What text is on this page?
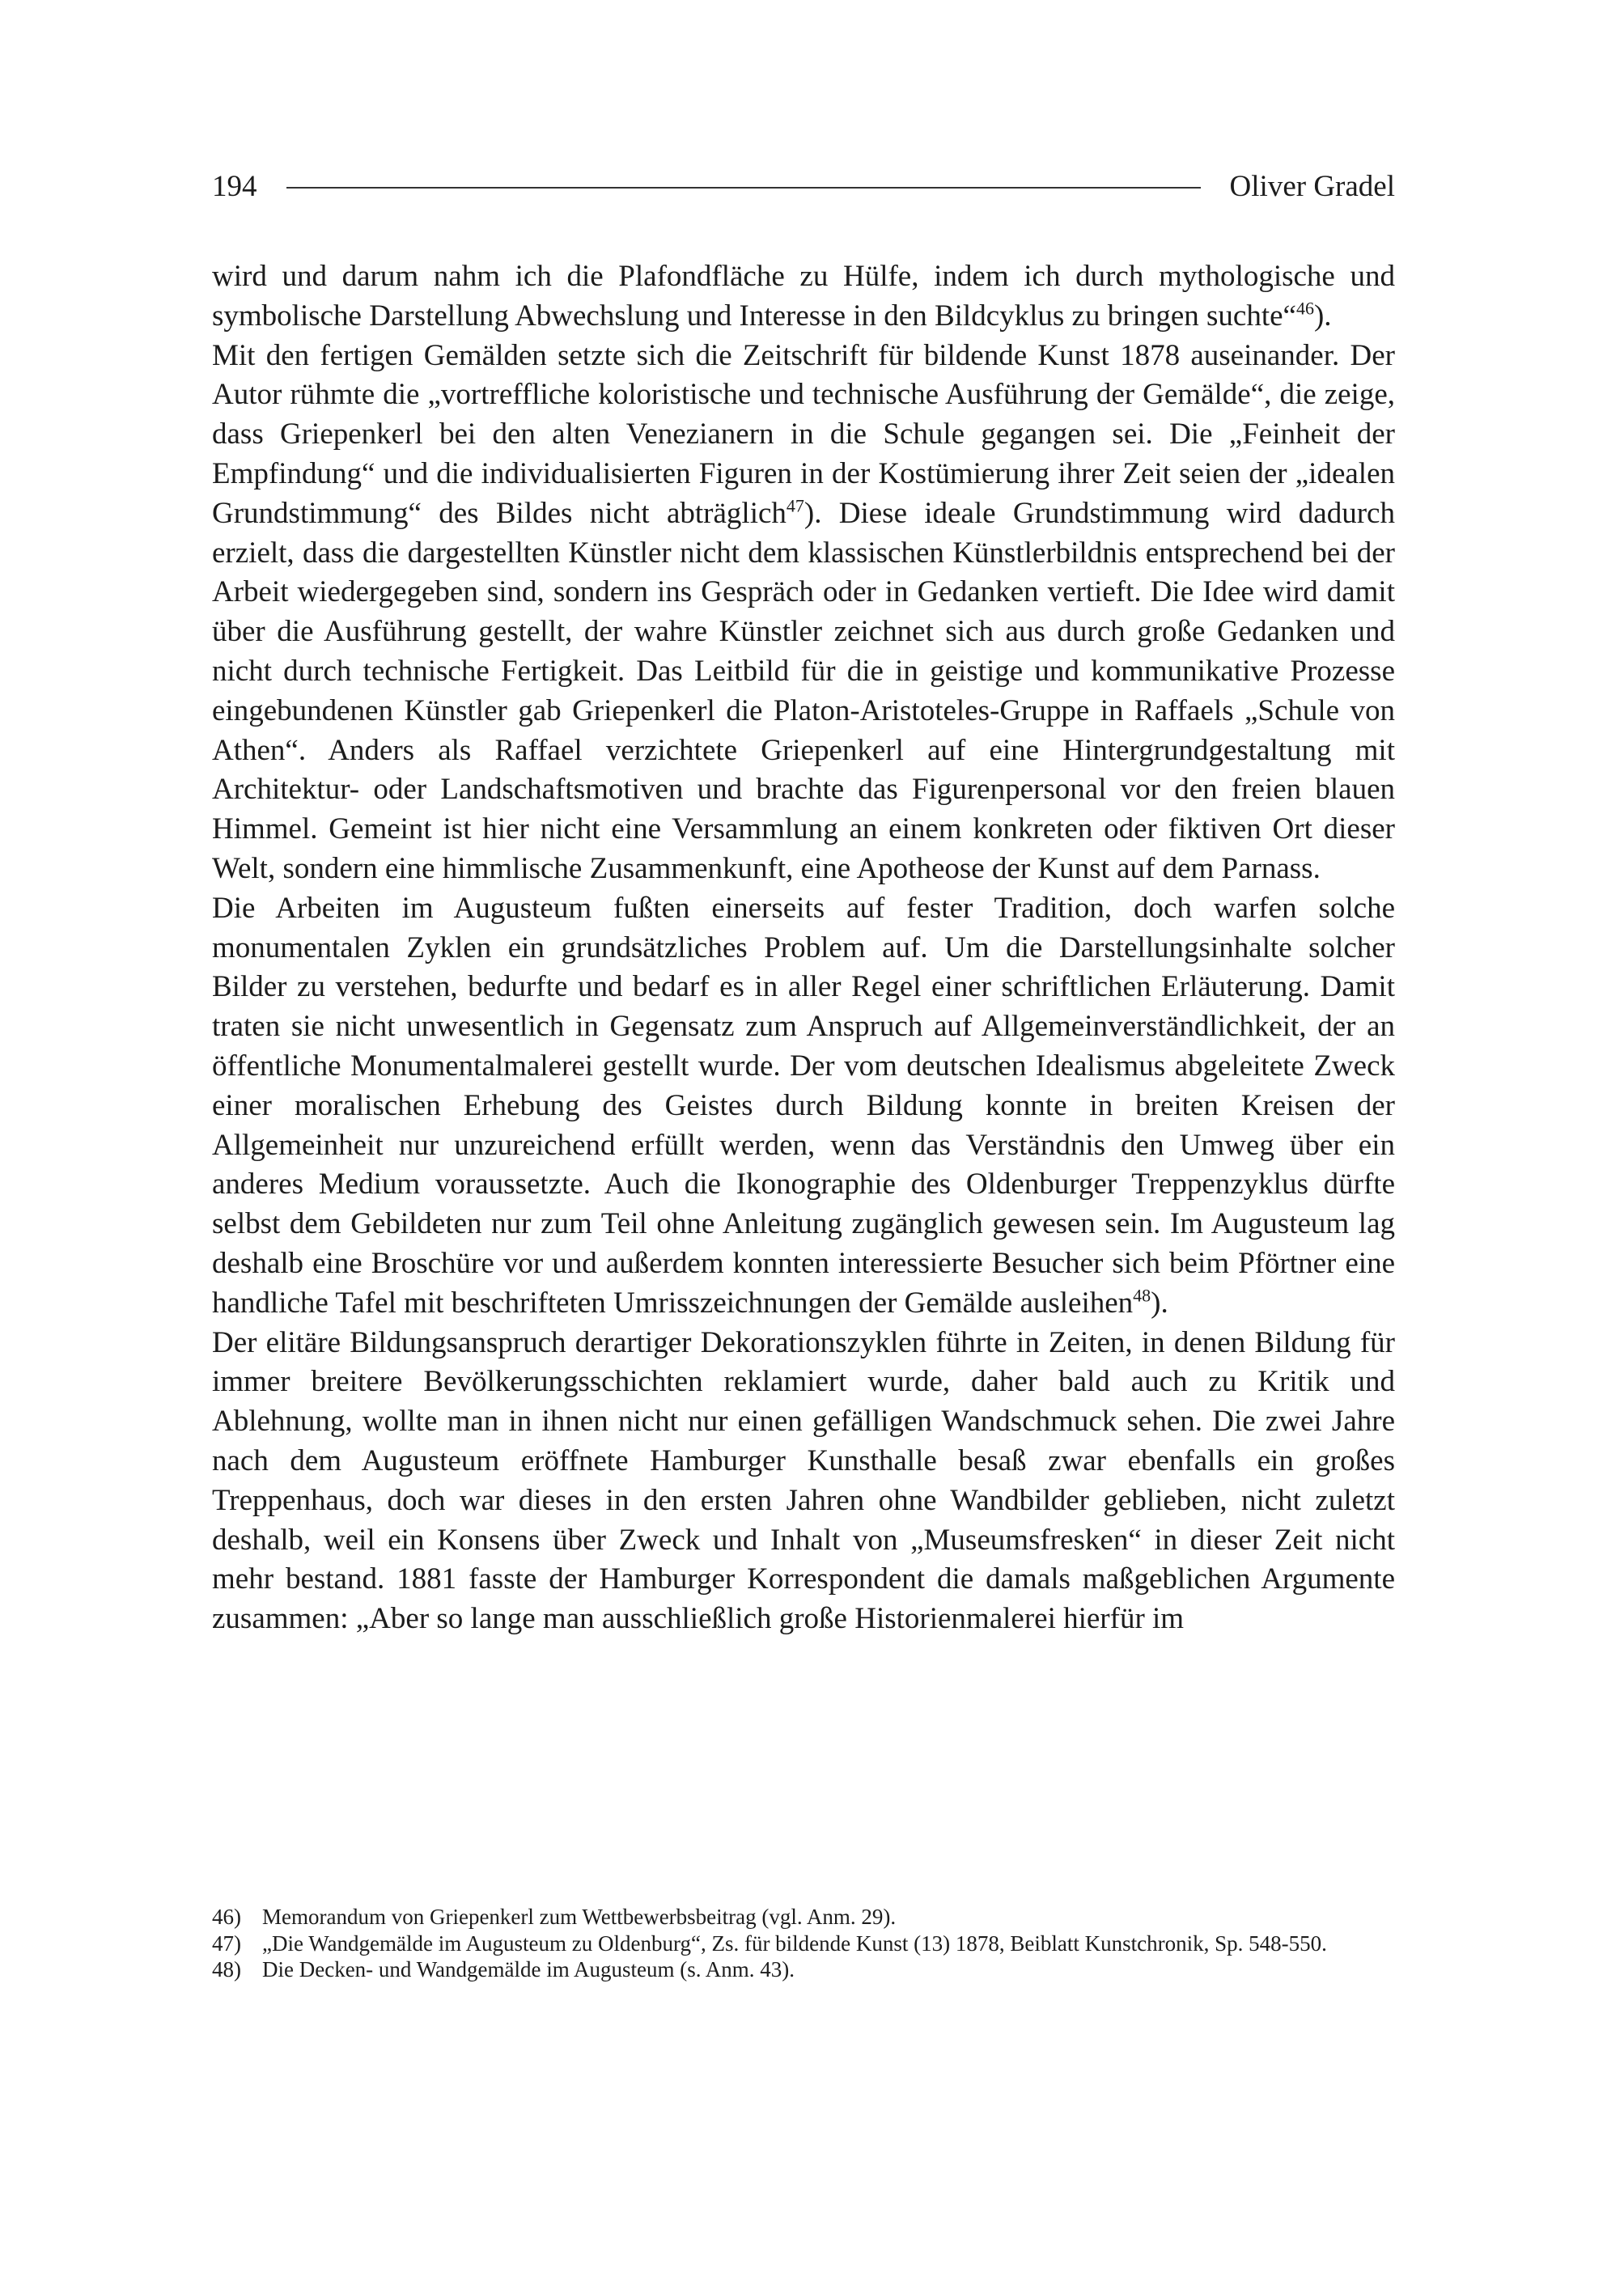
194	Oliver Gradel

wird und darum nahm ich die Plafondfläche zu Hülfe, indem ich durch mythologische und symbolische Darstellung Abwechslung und Interesse in den Bildcyklus zu bringen suchte“$^{46}$).

Mit den fertigen Gemälden setzte sich die Zeitschrift für bildende Kunst 1878 auseinander. Der Autor rühmte die „vortreffliche koloristische und technische Ausführung der Gemälde“, die zeige, dass Griepenkerl bei den alten Venezianern in die Schule gegangen sei. Die „Feinheit der Empfindung“ und die individualisierten Figuren in der Kostümierung ihrer Zeit seien der „idealen Grundstimmung“ des Bildes nicht abträglich$^{47}$). Diese ideale Grundstimmung wird dadurch erzielt, dass die dargestellten Künstler nicht dem klassischen Künstlerbildnis entsprechend bei der Arbeit wiedergegeben sind, sondern ins Gespräch oder in Gedanken vertieft. Die Idee wird damit über die Ausführung gestellt, der wahre Künstler zeichnet sich aus durch große Gedanken und nicht durch technische Fertigkeit. Das Leitbild für die in geistige und kommunikative Prozesse eingebundenen Künstler gab Griepenkerl die Platon-Aristoteles-Gruppe in Raffaels „Schule von Athen“. Anders als Raffael verzichtete Griepenkerl auf eine Hintergrundgestaltung mit Architektur- oder Landschaftsmotiven und brachte das Figurenpersonal vor den freien blauen Himmel. Gemeint ist hier nicht eine Versammlung an einem konkreten oder fiktiven Ort dieser Welt, sondern eine himmlische Zusammenkunft, eine Apotheose der Kunst auf dem Parnass.

Die Arbeiten im Augusteum fußten einerseits auf fester Tradition, doch warfen solche monumentalen Zyklen ein grundsätzliches Problem auf. Um die Darstellungsinhalte solcher Bilder zu verstehen, bedurfte und bedarf es in aller Regel einer schriftlichen Erläuterung. Damit traten sie nicht unwesentlich in Gegensatz zum Anspruch auf Allgemeinverständlichkeit, der an öffentliche Monumentalmalerei gestellt wurde. Der vom deutschen Idealismus abgeleitete Zweck einer moralischen Erhebung des Geistes durch Bildung konnte in breiten Kreisen der Allgemeinheit nur unzureichend erfüllt werden, wenn das Verständnis den Umweg über ein anderes Medium voraussetzte. Auch die Ikonographie des Oldenburger Treppenzyklus dürfte selbst dem Gebildeten nur zum Teil ohne Anleitung zugänglich gewesen sein. Im Augusteum lag deshalb eine Broschüre vor und außerdem konnten interessierte Besucher sich beim Pförtner eine handliche Tafel mit beschrifteten Umrisszeichnungen der Gemälde ausleihen$^{48}$).

Der elitäre Bildungsanspruch derartiger Dekorationszyklen führte in Zeiten, in denen Bildung für immer breitere Bevölkerungsschichten reklamiert wurde, daher bald auch zu Kritik und Ablehnung, wollte man in ihnen nicht nur einen gefälligen Wandschmuck sehen. Die zwei Jahre nach dem Augusteum eröffnete Hamburger Kunsthalle besaß zwar ebenfalls ein großes Treppenhaus, doch war dieses in den ersten Jahren ohne Wandbilder geblieben, nicht zuletzt deshalb, weil ein Konsens über Zweck und Inhalt von „Museumsfresken“ in dieser Zeit nicht mehr bestand. 1881 fasste der Hamburger Korrespondent die damals maßgeblichen Argumente zusammen: „Aber so lange man ausschließlich große Historienmalerei hierfür im

46) Memorandum von Griepenkerl zum Wettbewerbsbeitrag (vgl. Anm. 29).
47) „Die Wandgemälde im Augusteum zu Oldenburg“, Zs. für bildende Kunst (13) 1878, Beiblatt Kunstchronik, Sp. 548-550.
48) Die Decken- und Wandgemälde im Augusteum (s. Anm. 43).
